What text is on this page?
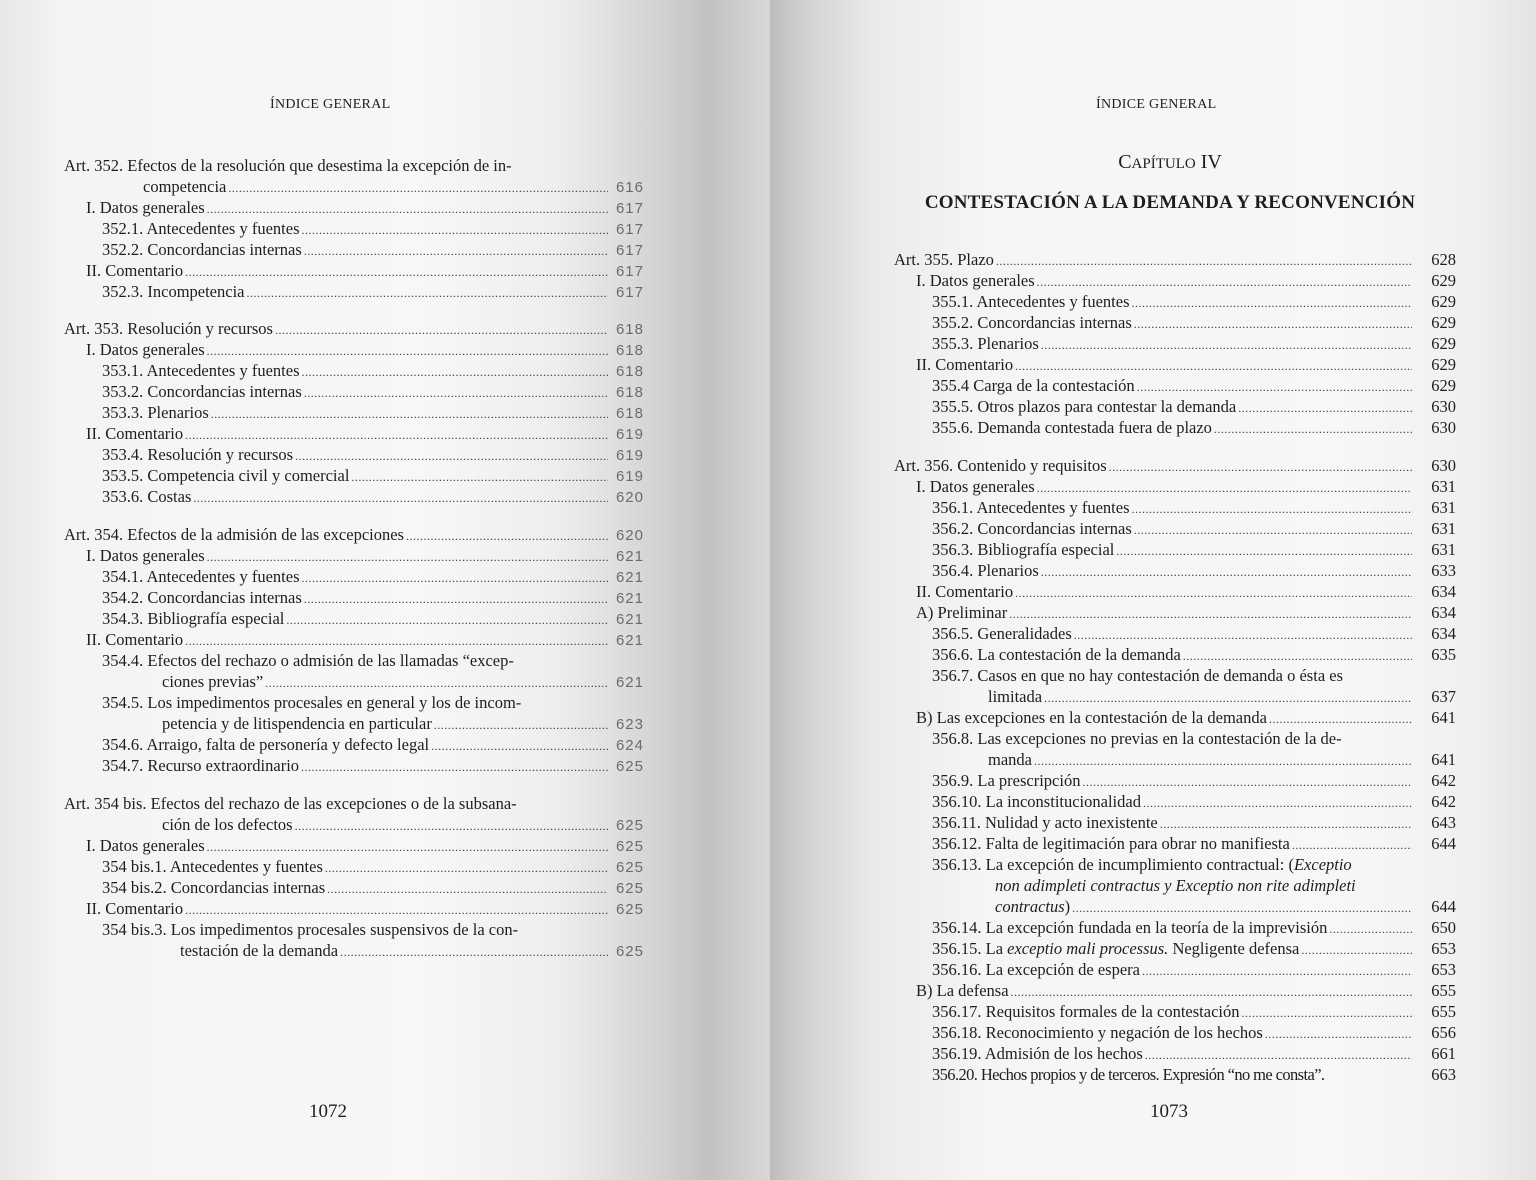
ÍNDICE GENERAL
Art. 352. Efectos de la resolución que desestima la excepción de in-
competencia .....	616
I. Datos generales .....	617
352.1. Antecedentes y fuentes .....	617
352.2. Concordancias internas .....	617
II. Comentario .....	617
352.3. Incompetencia .....	617
Art. 353. Resolución y recursos .....	618
I. Datos generales .....	618
353.1. Antecedentes y fuentes .....	618
353.2. Concordancias internas .....	618
353.3. Plenarios .....	618
II. Comentario .....	619
353.4. Resolución y recursos .....	619
353.5. Competencia civil y comercial .....	619
353.6. Costas .....	620
Art. 354. Efectos de la admisión de las excepciones .....	620
I. Datos generales .....	621
354.1. Antecedentes y fuentes .....	621
354.2. Concordancias internas .....	621
354.3. Bibliografía especial .....	621
II. Comentario .....	621
354.4. Efectos del rechazo o admisión de las llamadas “excep-
ciones previas” .....	621
354.5. Los impedimentos procesales en general y los de incom-
petencia y de litispendencia en particular .....	623
354.6. Arraigo, falta de personería y defecto legal .....	624
354.7. Recurso extraordinario .....	625
Art. 354 bis. Efectos del rechazo de las excepciones o de la subsana-
ción de los defectos .....	625
I. Datos generales .....	625
354 bis.1. Antecedentes y fuentes .....	625
354 bis.2. Concordancias internas .....	625
II. Comentario .....	625
354 bis.3. Los impedimentos procesales suspensivos de la con-
testación de la demanda .....	625
1072
ÍNDICE GENERAL
CAPÍTULO IV
CONTESTACIÓN A LA DEMANDA Y RECONVENCIÓN
Art. 355. Plazo .....	628
I. Datos generales .....	629
355.1. Antecedentes y fuentes .....	629
355.2. Concordancias internas .....	629
355.3. Plenarios .....	629
II. Comentario .....	629
355.4 Carga de la contestación .....	629
355.5. Otros plazos para contestar la demanda .....	630
355.6. Demanda contestada fuera de plazo .....	630
Art. 356. Contenido y requisitos .....	630
I. Datos generales .....	631
356.1. Antecedentes y fuentes .....	631
356.2. Concordancias internas .....	631
356.3. Bibliografía especial .....	631
356.4. Plenarios .....	633
II. Comentario .....	634
A) Preliminar .....	634
356.5. Generalidades .....	634
356.6. La contestación de la demanda .....	635
356.7. Casos en que no hay contestación de demanda o ésta es
limitada .....	637
B) Las excepciones en la contestación de la demanda .....	641
356.8. Las excepciones no previas en la contestación de la de-
manda .....	641
356.9. La prescripción .....	642
356.10. La inconstitucionalidad .....	642
356.11. Nulidad y acto inexistente .....	643
356.12. Falta de legitimación para obrar no manifiesta .....	644
356.13. La excepción de incumplimiento contractual: (Exceptio
non adimpleti contractus y Exceptio non rite adimpleti
contractus) .....	644
356.14. La excepción fundada en la teoría de la imprevisión .....	650
356.15. La exceptio mali processus. Negligente defensa .....	653
356.16. La excepción de espera .....	653
B) La defensa .....	655
356.17. Requisitos formales de la contestación .....	655
356.18. Reconocimiento y negación de los hechos .....	656
356.19. Admisión de los hechos .....	661
356.20. Hechos propios y de terceros. Expresión “no me consta”.	663
1073
